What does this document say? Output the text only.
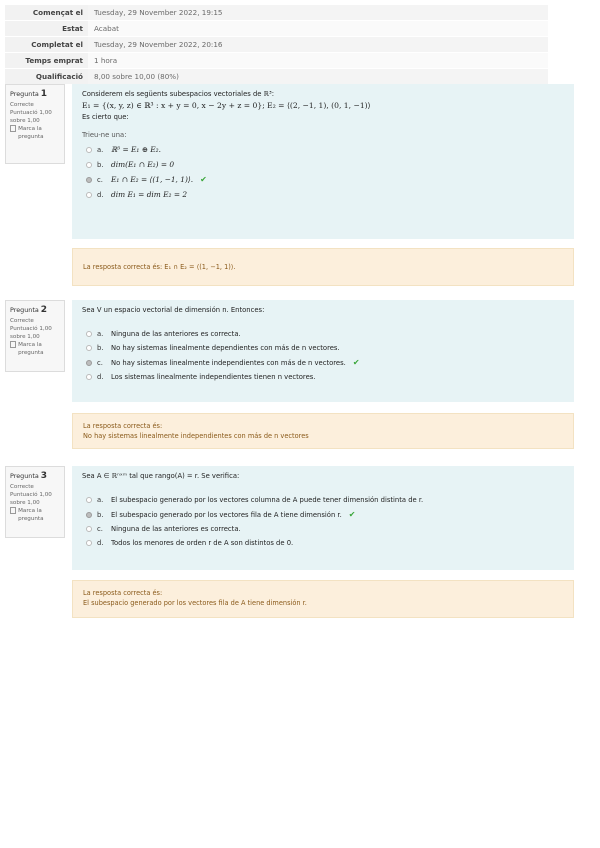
Començat el	Tuesday, 29 November 2022, 19:15
Estat	Acabat
Completat el	Tuesday, 29 November 2022, 20:16
Temps emprat	1 hora
Qualificació	8,00 sobre 10,00 (80%)
Pregunta 1
Correcte
Puntuació 1,00 sobre 1,00
Marca la pregunta
Considerem els següents subespacios vectoriales de ℝ³:
E₁ = {(x, y, z) ∈ ℝ³ : x + y = 0, x − 2y + z = 0}; E₂ = ⟨(2, −1, 1), (0, 1, −1)⟩
Es cierto que:
Trieu-ne una:
a.	ℝ³ = E₁ ⊕ E₂.
b.	dim(E₁ ∩ E₂) = 0
c.	E₁ ∩ E₂ = ⟨(1, −1, 1)⟩. ✔
d.	dim E₁ = dim E₂ = 2
La resposta correcta és: E₁ ∩ E₂ = ⟨(1, −1, 1)⟩.
Pregunta 2
Correcte
Puntuació 1,00 sobre 1,00
Marca la pregunta
Sea V un espacio vectorial de dimensión n. Entonces:
a.	Ninguna de las anteriores es correcta.
b.	No hay sistemas linealmente dependientes con más de n vectores.
c.	No hay sistemas linealmente independientes con más de n vectores. ✔
d.	Los sistemas linealmente independientes tienen n vectores.
La resposta correcta és:
No hay sistemas linealmente independientes con más de n vectores
Pregunta 3
Correcte
Puntuació 1,00 sobre 1,00
Marca la pregunta
Sea A ∈ ℝⁿˣᵐ tal que rango(A) = r. Se verifica:
a.	El subespacio generado por los vectores columna de A puede tener dimensión distinta de r.
b.	El subespacio generado por los vectores fila de A tiene dimensión r. ✔
c.	Ninguna de las anteriores es correcta.
d.	Todos los menores de orden r de A son distintos de 0.
La resposta correcta és:
El subespacio generado por los vectores fila de A tiene dimensión r.
